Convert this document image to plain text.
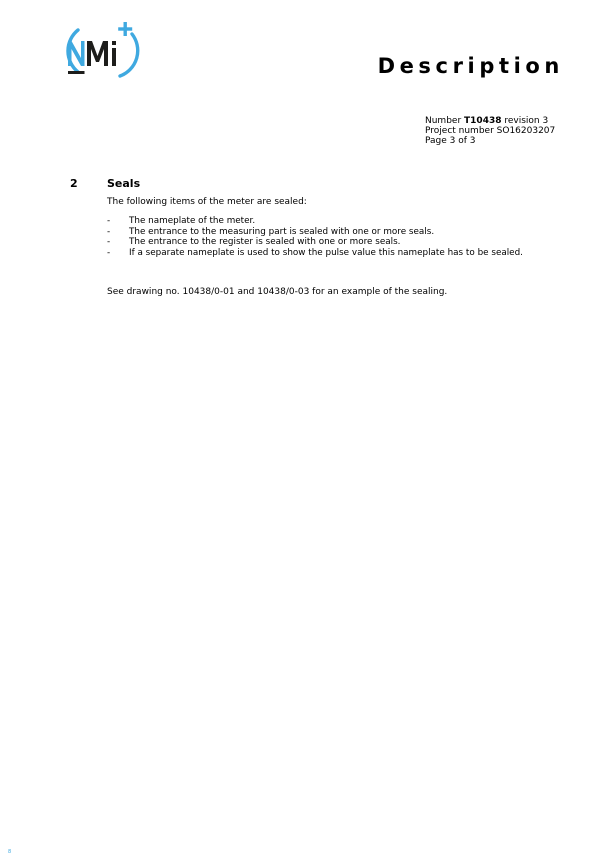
Description
Number T10438 revision 3
Project number SO16203207
Page 3 of 3
2	Seals
The following items of the meter are sealed:
- The nameplate of the meter.
- The entrance to the measuring part is sealed with one or more seals.
- The entrance to the register is sealed with one or more seals.
- If a separate nameplate is used to show the pulse value this nameplate has to be sealed.
See drawing no. 10438/0-01 and 10438/0-03 for an example of the sealing.
8
